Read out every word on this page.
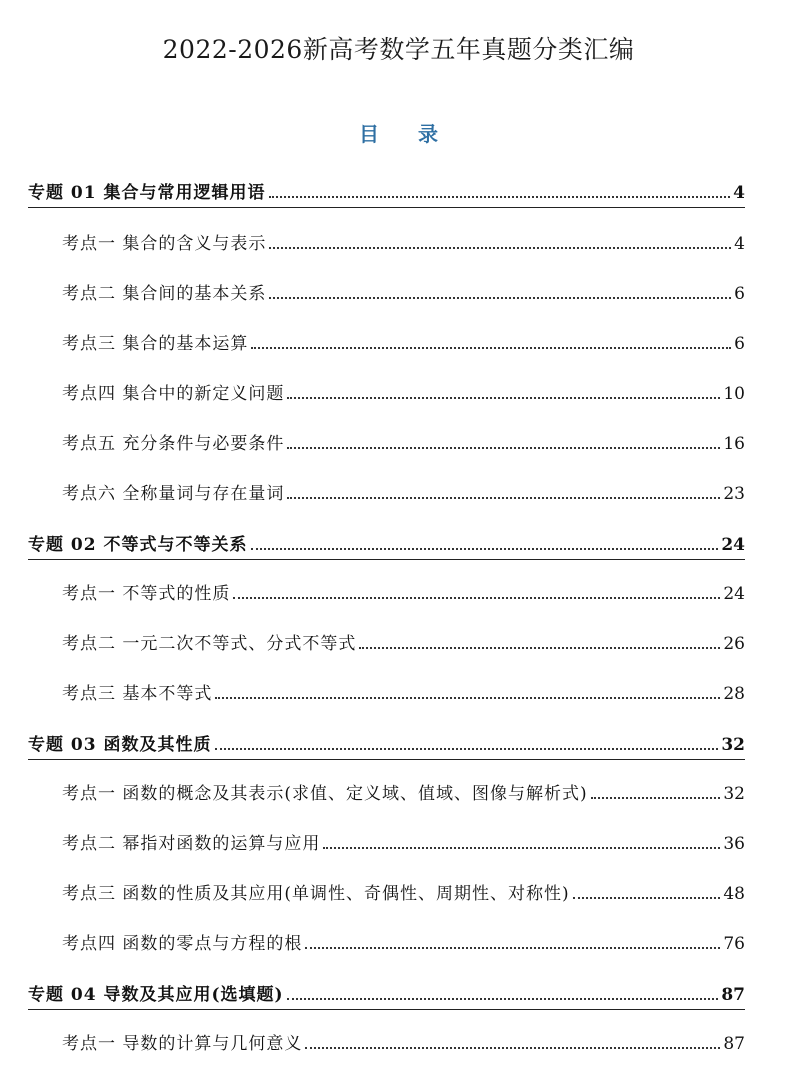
2022-2026新高考数学五年真题分类汇编
目 录
专题 01 集合与常用逻辑用语	4
考点一 集合的含义与表示	4
考点二 集合间的基本关系	6
考点三 集合的基本运算	6
考点四 集合中的新定义问题	10
考点五 充分条件与必要条件	16
考点六 全称量词与存在量词	23
专题 02 不等式与不等关系	24
考点一 不等式的性质	24
考点二 一元二次不等式、分式不等式	26
考点三 基本不等式	28
专题 03 函数及其性质	32
考点一 函数的概念及其表示(求值、定义域、值域、图像与解析式)	32
考点二 幂指对函数的运算与应用	36
考点三 函数的性质及其应用(单调性、奇偶性、周期性、对称性)	48
考点四 函数的零点与方程的根	76
专题 04 导数及其应用(选填题)	87
考点一 导数的计算与几何意义	87
